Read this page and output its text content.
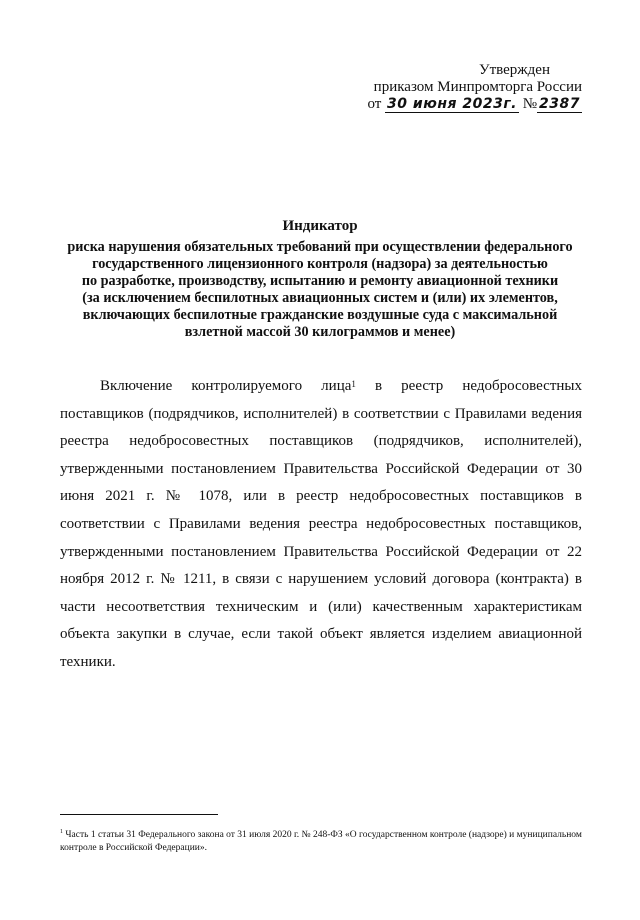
Утвержден
приказом Минпромторга России
от 30 июня 2023г. № 2387
Индикатор
риска нарушения обязательных требований при осуществлении федерального
государственного лицензионного контроля (надзора) за деятельностью
по разработке, производству, испытанию и ремонту авиационной техники
(за исключением беспилотных авиационных систем и (или) их элементов,
включающих беспилотные гражданские воздушные суда с максимальной
взлетной массой 30 килограммов и менее)

Включение контролируемого лица$^1$ в реестр недобросовестных поставщиков (подрядчиков, исполнителей) в соответствии с Правилами ведения реестра недобросовестных поставщиков (подрядчиков, исполнителей), утвержденными постановлением Правительства Российской Федерации от 30 июня 2021 г. № 1078, или в реестр недобросовестных поставщиков в соответствии с Правилами ведения реестра недобросовестных поставщиков, утвержденными постановлением Правительства Российской Федерации от 22 ноября 2012 г. № 1211, в связи с нарушением условий договора (контракта) в части несоответствия техническим и (или) качественным характеристикам объекта закупки в случае, если такой объект является изделием авиационной техники.

$^1$ Часть 1 статьи 31 Федерального закона от 31 июля 2020 г. № 248-ФЗ «О государственном контроле (надзоре) и муниципальном контроле в Российской Федерации».
